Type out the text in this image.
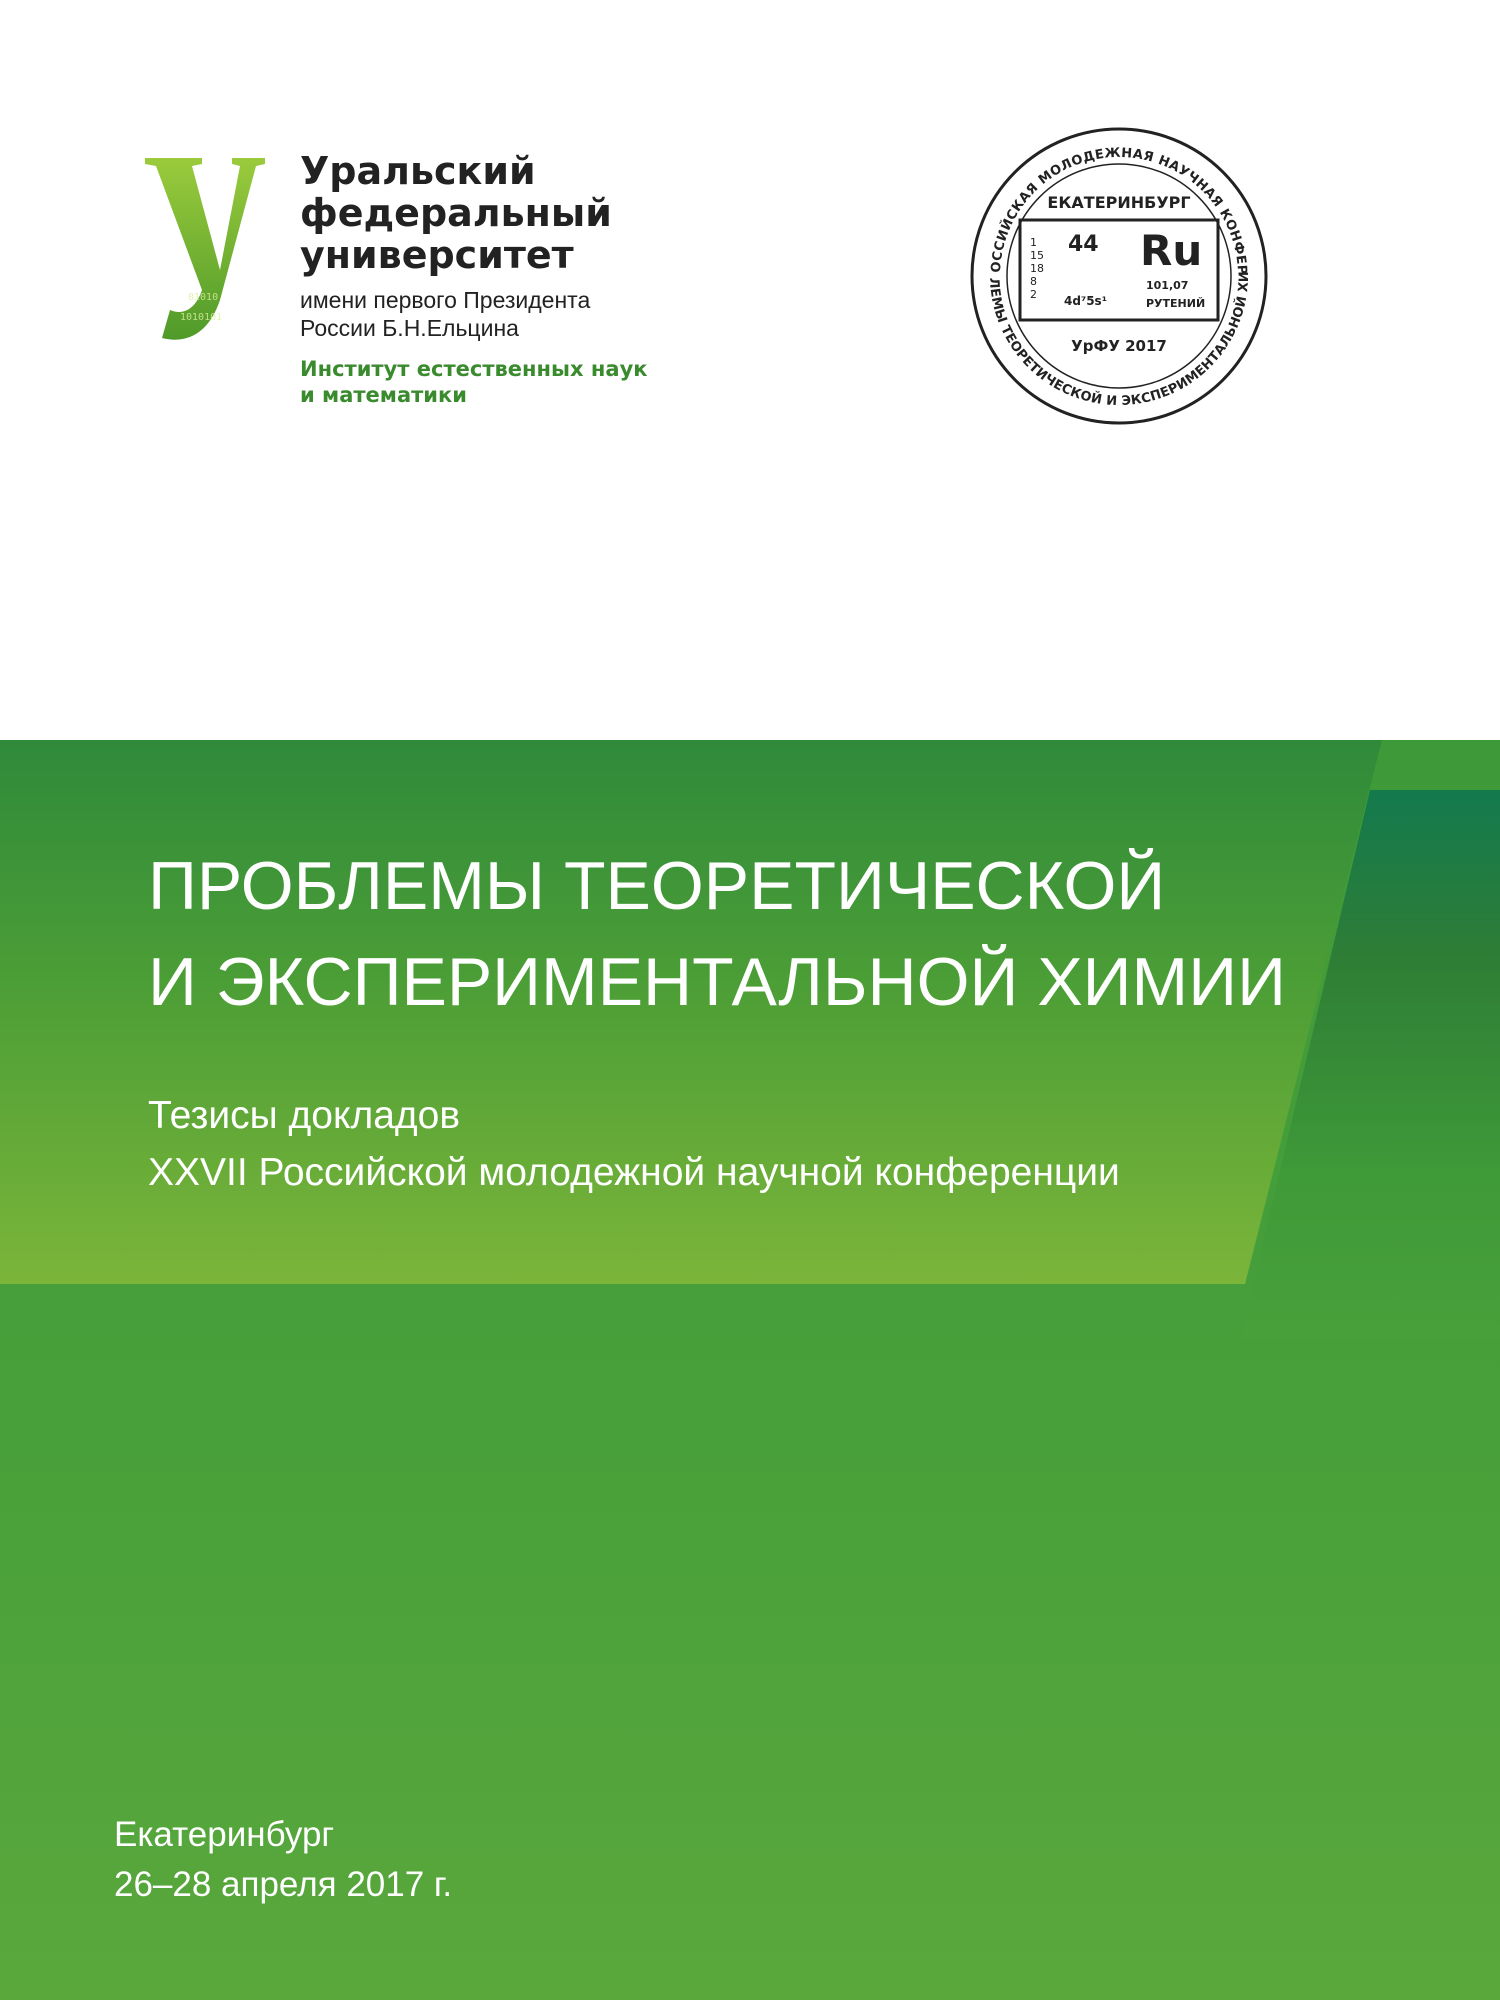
01010
1010101
Уральский
федеральный
университет
имени первого Президента
России Б.Н.Ельцина
Институт естественных наук
и математики
ОССИЙСКАЯ МОЛОДЕЖНАЯ НАУЧНАЯ КОНФЕР
ЛЕМЫ ТЕОРЕТИЧЕСКОЙ И ЭКСПЕРИМЕНТАЛЬНОЙ ХИ
ЕКАТЕРИНБУРГ
44 Ru
1
15
18
8
2 4d⁷5s¹
101,07
РУТЕНИЙ
УрФУ 2017
ПРОБЛЕМЫ ТЕОРЕТИЧЕСКОЙ
И ЭКСПЕРИМЕНТАЛЬНОЙ ХИМИИ
Тезисы докладов
XXVII Российской молодежной научной конференции
Екатеринбург
26–28 апреля 2017 г.
